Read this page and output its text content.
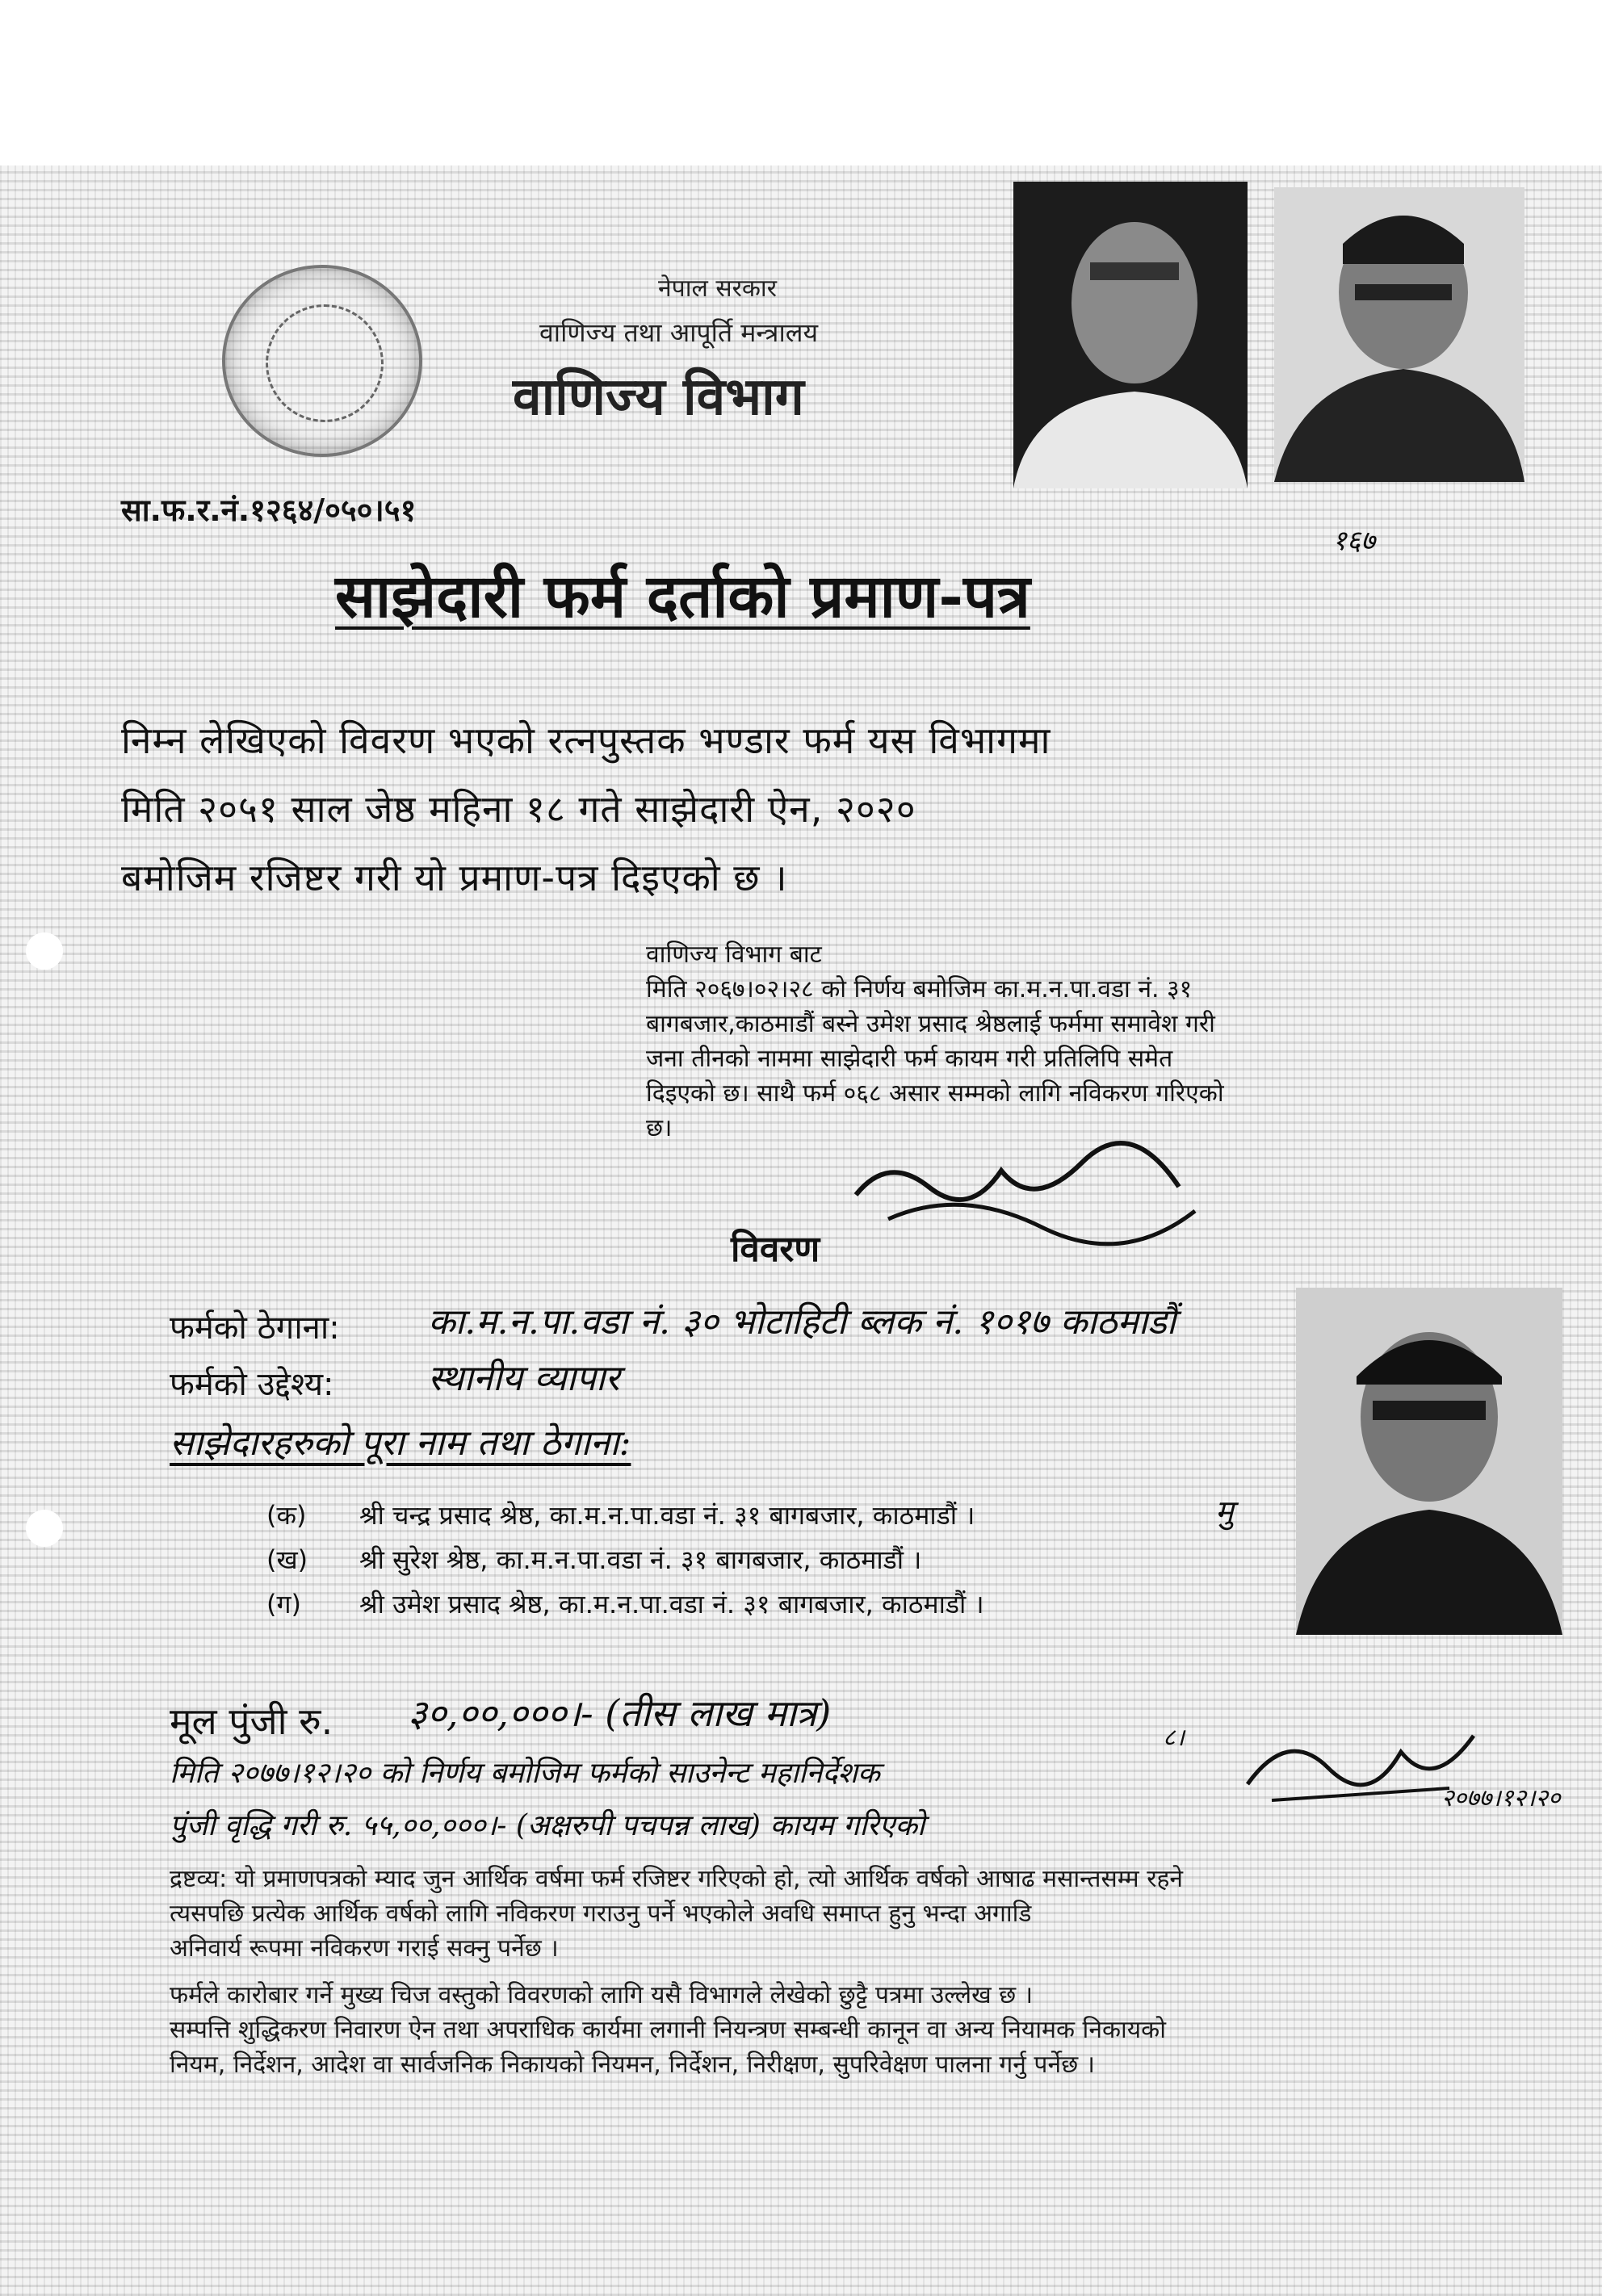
नेपाल सरकार
वाणिज्य तथा आपूर्ति मन्त्रालय
वाणिज्य विभाग
सा.फ.र.नं.१२६४/०५०।५१
साझेदारी फर्म दर्ताको प्रमाण-पत्र
निम्न लेखिएको विवरण भएको रत्नपुस्तक भण्डार फर्म यस विभागमा
मिति २०५१ साल जेष्ठ महिना १८ गते साझेदारी ऐन, २०२०
बमोजिम रजिष्टर गरी यो प्रमाण-पत्र दिइएको छ ।
वाणिज्य विभाग बाट
मिति २०६७।०२।२८ को निर्णय बमोजिम का.म.न.पा.वडा नं. ३१
बागबजार,काठमाडौं बस्ने उमेश प्रसाद श्रेष्ठलाई फर्ममा समावेश गरी
जना तीनको नाममा साझेदारी फर्म कायम गरी प्रतिलिपि समेत
दिइएको छ। साथै फर्म ०६८ असार सम्मको लागि नविकरण गरिएको
छ।
विवरण
फर्मको ठेगाना: का.म.न.पा.वडा नं. ३० भोटाहिटी ब्लक नं. १०१७ काठमाडौं
फर्मको उद्देश्य:	स्थानीय व्यापार
साझेदारहरुको पूरा नाम तथा ठेगाना:
(क) श्री चन्द्र प्रसाद श्रेष्ठ, का.म.न.पा.वडा नं. ३१ बागबजार, काठमाडौं ।
(ख) श्री सुरेश श्रेष्ठ, का.म.न.पा.वडा नं. ३१ बागबजार, काठमाडौं ।
(ग) श्री उमेश प्रसाद श्रेष्ठ, का.म.न.पा.वडा नं. ३१ बागबजार, काठमाडौं ।
मु
मूल पुंजी रु. ३०,००,०००।- (तीस लाख मात्र)
मिति २०७७।१२।२० को निर्णय बमोजिम फर्मको साउनेन्ट महानिर्देशक
पुंजी वृद्धि गरी रु. ५५,००,०००।- (अक्षरुपी पचपन्न लाख) कायम गरिएको
८।
२०७७।१२।२०
१६७
द्रष्टव्य: यो प्रमाणपत्रको म्याद जुन आर्थिक वर्षमा फर्म रजिष्टर गरिएको हो, त्यो आर्थिक वर्षको आषाढ मसान्तसम्म रहने
त्यसपछि प्रत्येक आर्थिक वर्षको लागि नविकरण गराउनु पर्ने भएकोले अवधि समाप्त हुनु भन्दा अगाडि
अनिवार्य रूपमा नविकरण गराई सक्नु पर्नेछ ।
फर्मले कारोबार गर्ने मुख्य चिज वस्तुको विवरणको लागि यसै विभागले लेखेको छुट्टै पत्रमा उल्लेख छ ।
सम्पत्ति शुद्धिकरण निवारण ऐन तथा अपराधिक कार्यमा लगानी नियन्त्रण सम्बन्धी कानून वा अन्य नियामक निकायको
नियम, निर्देशन, आदेश वा सार्वजनिक निकायको नियमन, निर्देशन, निरीक्षण, सुपरिवेक्षण पालना गर्नु पर्नेछ ।
